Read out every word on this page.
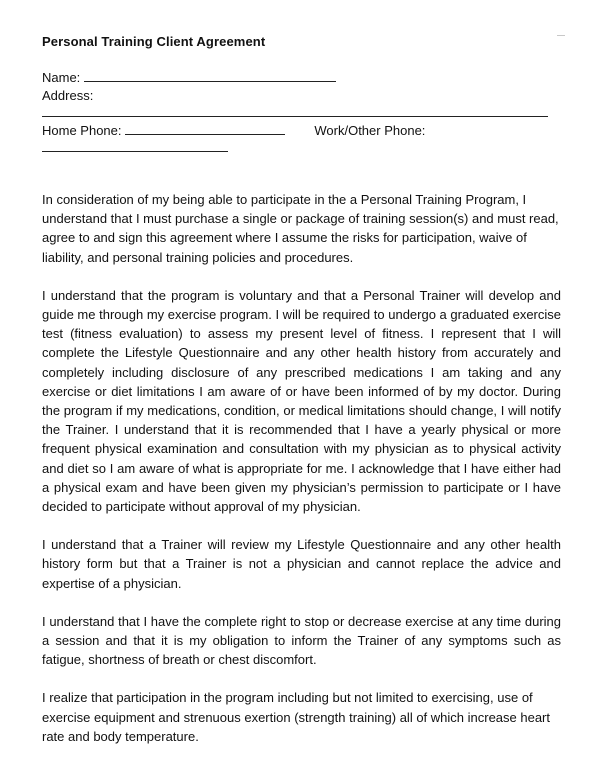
Personal Training Client Agreement
Name:
Address:
Home Phone:	Work/Other Phone:

In consideration of my being able to participate in the a Personal Training Program, I understand that I must purchase a single or package of training session(s) and must read, agree to and sign this agreement where I assume the risks for participation, waive of liability, and personal training policies and procedures.

I understand that the program is voluntary and that a Personal Trainer will develop and guide me through my exercise program. I will be required to undergo a graduated exercise test (fitness evaluation) to assess my present level of fitness. I represent that I will complete the Lifestyle Questionnaire and any other health history from accurately and completely including disclosure of any prescribed medications I am taking and any exercise or diet limitations I am aware of or have been informed of by my doctor. During the program if my medications, condition, or medical limitations should change, I will notify the Trainer. I understand that it is recommended that I have a yearly physical or more frequent physical examination and consultation with my physician as to physical activity and diet so I am aware of what is appropriate for me. I acknowledge that I have either had a physical exam and have been given my physician’s permission to participate or I have decided to participate without approval of my physician.

I understand that a Trainer will review my Lifestyle Questionnaire and any other health history form but that a Trainer is not a physician and cannot replace the advice and expertise of a physician.

I understand that I have the complete right to stop or decrease exercise at any time during a session and that it is my obligation to inform the Trainer of any symptoms such as fatigue, shortness of breath or chest discomfort.

I realize that participation in the program including but not limited to exercising, use of exercise equipment and strenuous exertion (strength training) all of which increase heart rate and body temperature.
